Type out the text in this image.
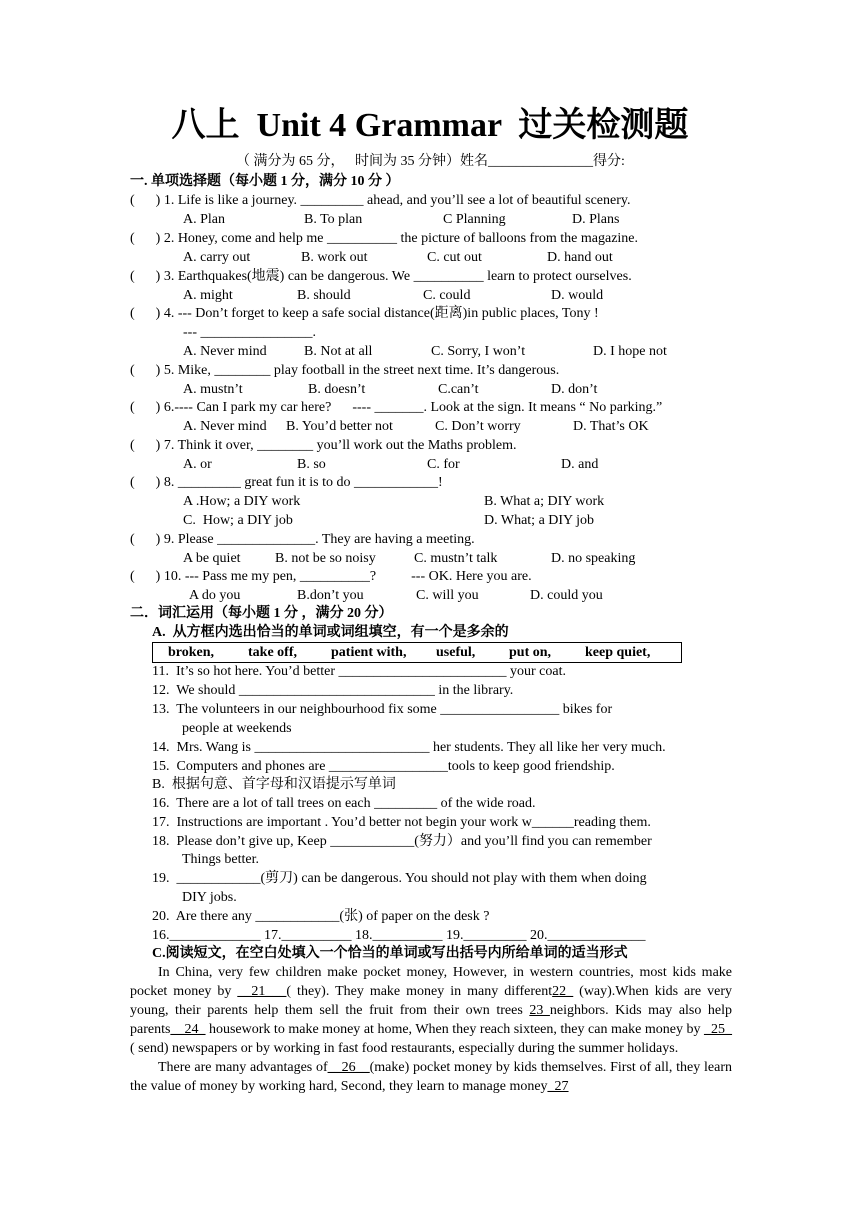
八上  Unit 4 Grammar  过关检测题
（ 满分为 65 分，   时间为 35 分钟）姓名_______________得分:
一. 单项选择题（每小题 1 分，满分 10 分 ）
(      ) 1. Life is like a journey. _________ ahead, and you’ll see a lot of beautiful scenery.
A. Plan	B. To plan	C Planning	D. Plans
(      ) 2. Honey, come and help me __________ the picture of balloons from the magazine.
A. carry out	B. work out	C. cut out	D. hand out
(      ) 3. Earthquakes(地震) can be dangerous. We __________ learn to protect ourselves.
A. might	B. should	C. could	D. would
(      ) 4. --- Don’t forget to keep a safe social distance(距离)in public places, Tony !
--- ________________.
A. Never mind	B. Not at all	C. Sorry, I won’t	D. I hope not
(      ) 5. Mike, ________ play football in the street next time. It’s dangerous.
A. mustn’t	B. doesn’t	C.can’t	D. don’t
(      ) 6.---- Can I park my car here?      ---- _______. Look at the sign. It means “ No parking.”
A. Never mind B. You’d better not	C. Don’t worry	D. That’s OK
(      ) 7. Think it over, ________ you’ll work out the Maths problem.
A. or	B. so	C. for	D. and
(      ) 8. _________ great fun it is to do ____________!
A .How; a DIY work	B. What a; DIY work
C.  How; a DIY job	D. What; a DIY job
(      ) 9. Please ______________. They are having a meeting.
A be quiet B. not be so noisy	C. mustn’t talk	D. no speaking
(      ) 10. --- Pass me my pen, __________?          --- OK. Here you are.
A do you	B.don’t you	C. will you	D. could you
二．词汇运用（每小题 1 分 ，满分 20 分）
A.  从方框内选出恰当的单词或词组填空，有一个是多余的
broken, take off, patient with, useful, put on, keep quiet,
11.  It’s so hot here. You’d better ________________________ your coat.
12.  We should ____________________________ in the library.
13.  The volunteers in our neighbourhood fix some _________________ bikes for
people at weekends
14.  Mrs. Wang is _________________________ her students. They all like her very much.
15.  Computers and phones are _________________tools to keep good friendship.
B.  根据句意、首字母和汉语提示写单词
16.  There are a lot of tall trees on each _________ of the wide road.
17.  Instructions are important . You’d better not begin your work w______reading them.
18.  Please don’t give up, Keep ____________(努力）and you’ll find you can remember
Things better.
19.  ____________(剪刀) can be dangerous. You should not play with them when doing
DIY jobs.
20.  Are there any ____________(张) of paper on the desk ?
16._____________ 17.__________ 18.__________ 19._________ 20.______________
C.阅读短文，在空白处填入一个恰当的单词或写出括号内所给单词的适当形式

In China, very few children make pocket money, However, in western countries, most kids make pocket money by __21___( they). They make money in many different22_ (way).When kids are very young, their parents help them sell the fruit from their own trees 23 neighbors. Kids may also help parents__24_ housework to make money at home, When they reach sixteen, they can make money by _25_ ( send) newspapers or by working in fast food restaurants, especially during the summer holidays.

There are many advantages of__26__(make) pocket money by kids themselves. First of all, they learn the value of money by working hard, Second, they learn to manage money_27
